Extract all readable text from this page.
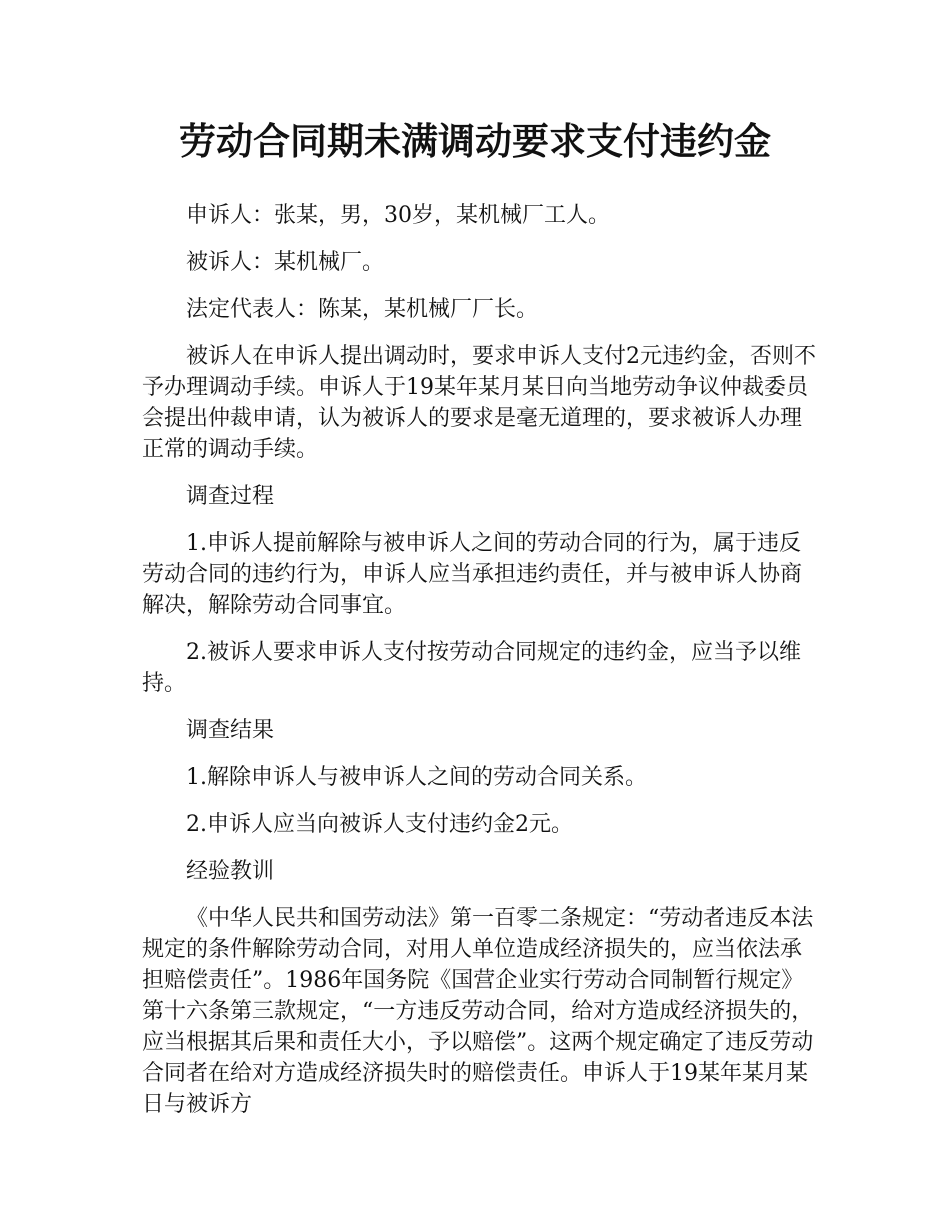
劳动合同期未满调动要求支付违约金

申诉人：张某，男，30岁，某机械厂工人。

被诉人：某机械厂。

法定代表人：陈某，某机械厂厂长。

被诉人在申诉人提出调动时，要求申诉人支付2元违约金，否则不予办理调动手续。申诉人于19某年某月某日向当地劳动争议仲裁委员会提出仲裁申请，认为被诉人的要求是毫无道理的，要求被诉人办理正常的调动手续。

调查过程

1.申诉人提前解除与被申诉人之间的劳动合同的行为，属于违反劳动合同的违约行为，申诉人应当承担违约责任，并与被申诉人协商解决，解除劳动合同事宜。

2.被诉人要求申诉人支付按劳动合同规定的违约金，应当予以维持。

调查结果

1.解除申诉人与被申诉人之间的劳动合同关系。

2.申诉人应当向被诉人支付违约金2元。

经验教训

《中华人民共和国劳动法》第一百零二条规定：“劳动者违反本法规定的条件解除劳动合同，对用人单位造成经济损失的，应当依法承担赔偿责任”。1986年国务院《国营企业实行劳动合同制暂行规定》第十六条第三款规定，“一方违反劳动合同，给对方造成经济损失的，应当根据其后果和责任大小，予以赔偿”。这两个规定确定了违反劳动合同者在给对方造成经济损失时的赔偿责任。申诉人于19某年某月某日与被诉方
